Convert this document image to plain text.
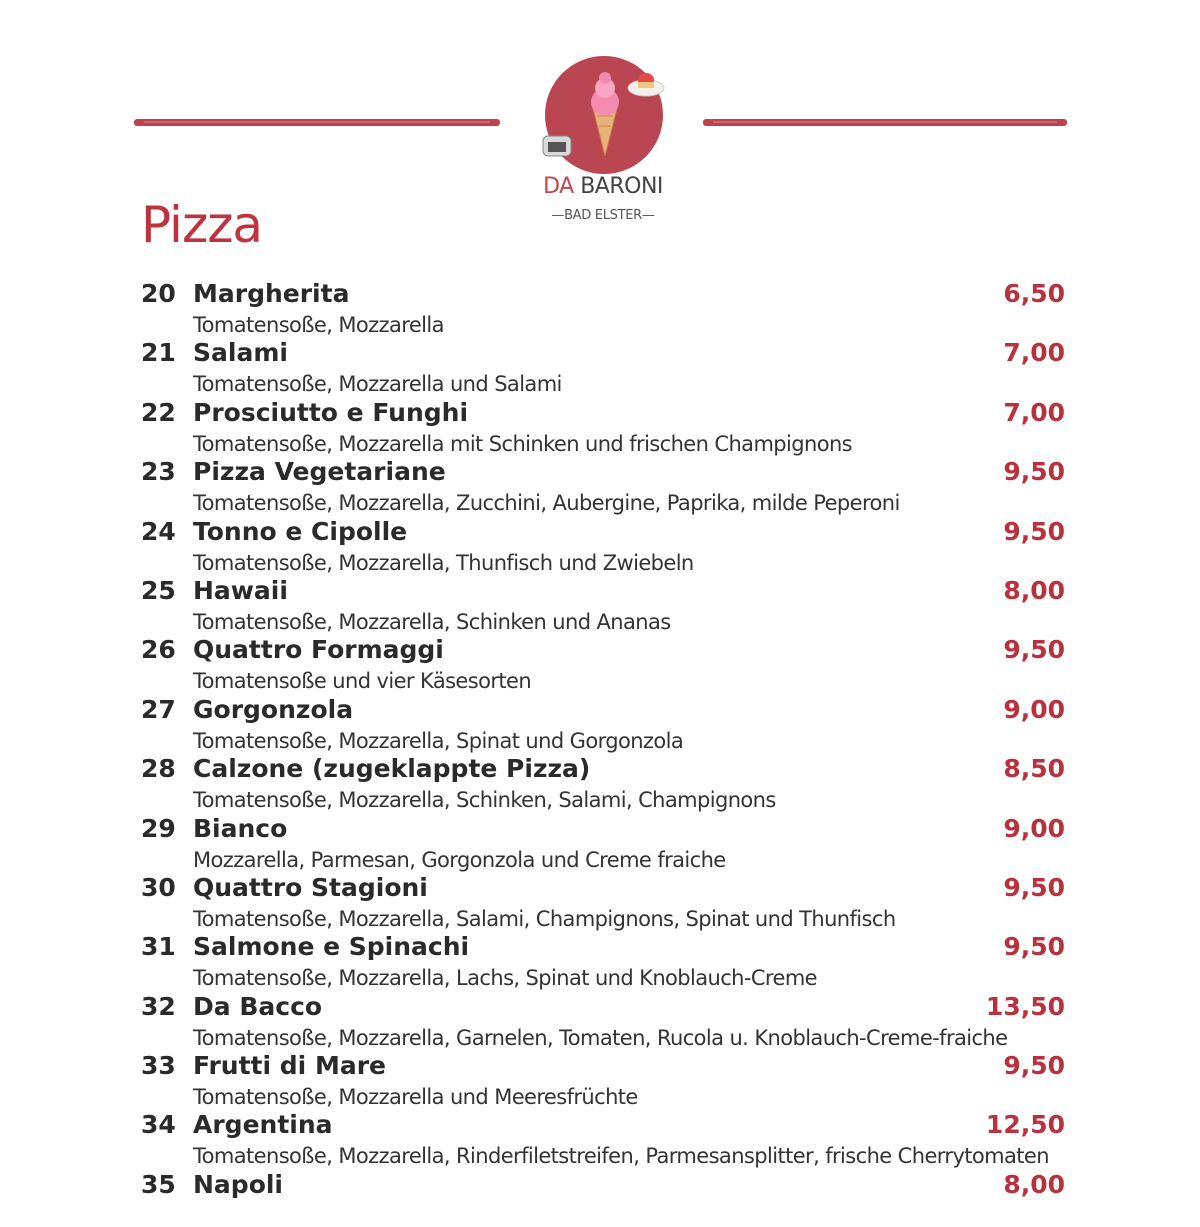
DA BARONI
—BAD ELSTER—
Pizza
20 Margherita	6,50
Tomatensoße, Mozzarella
21 Salami	7,00
Tomatensoße, Mozzarella und Salami
22 Prosciutto e Funghi	7,00
Tomatensoße, Mozzarella mit Schinken und frischen Champignons
23 Pizza Vegetariane	9,50
Tomatensoße, Mozzarella, Zucchini, Aubergine, Paprika, milde Peperoni
24 Tonno e Cipolle	9,50
Tomatensoße, Mozzarella, Thunfisch und Zwiebeln
25 Hawaii	8,00
Tomatensoße, Mozzarella, Schinken und Ananas
26 Quattro Formaggi	9,50
Tomatensoße und vier Käsesorten
27 Gorgonzola	9,00
Tomatensoße, Mozzarella, Spinat und Gorgonzola
28 Calzone (zugeklappte Pizza)	8,50
Tomatensoße, Mozzarella, Schinken, Salami, Champignons
29 Bianco	9,00
Mozzarella, Parmesan, Gorgonzola und Creme fraiche
30 Quattro Stagioni	9,50
Tomatensoße, Mozzarella, Salami, Champignons, Spinat und Thunfisch
31 Salmone e Spinachi	9,50
Tomatensoße, Mozzarella, Lachs, Spinat und Knoblauch-Creme
32 Da Bacco	13,50
Tomatensoße, Mozzarella, Garnelen, Tomaten, Rucola u. Knoblauch-Creme-fraiche
33 Frutti di Mare	9,50
Tomatensoße, Mozzarella und Meeresfrüchte
34 Argentina	12,50
Tomatensoße, Mozzarella, Rinderfiletstreifen, Parmesansplitter, frische Cherrytomaten
35 Napoli	8,00
